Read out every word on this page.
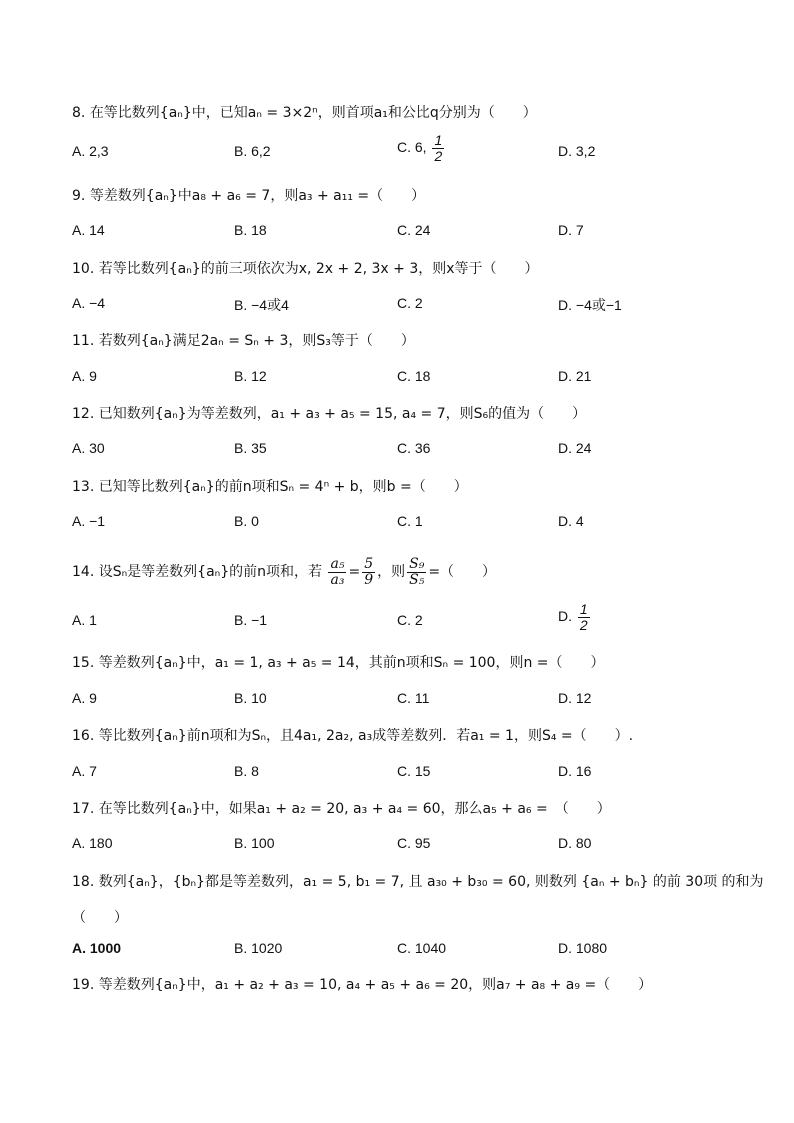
8. 在等比数列{aₙ}中，已知aₙ = 3×2ⁿ，则首项a₁和公比q分别为（　　）
A. 2,3	B. 6,2	C. 6, $\frac{1}{2}$	D. 3,2
9. 等差数列{aₙ}中a₈ + a₆ = 7，则a₃ + a₁₁ =（　　）
A. 14	B. 18	C. 24	D. 7
10. 若等比数列{aₙ}的前三项依次为x, 2x + 2, 3x + 3，则x等于（　　）
A. −4	B. −4或4	C. 2	D. −4或−1
11. 若数列{aₙ}满足2aₙ = Sₙ + 3，则S₃等于（　　）
A. 9	B. 12	C. 18	D. 21
12. 已知数列{aₙ}为等差数列，a₁ + a₃ + a₅ = 15, a₄ = 7，则S₆的值为（　　）
A. 30	B. 35	C. 36	D. 24
13. 已知等比数列{aₙ}的前n项和Sₙ = 4ⁿ + b，则b =（　　）
A. −1	B. 0	C. 1	D. 4
14. 设Sₙ是等差数列{aₙ}的前n项和，若 $\frac{\text{a₅}}{\text{a₃}} = \frac{5}{9}$ ，则 $\frac{\text{S₉}}{\text{S₅}}$ =（　　）
A. 1	B. −1	C. 2	D. $\frac{1}{2}$
15. 等差数列{aₙ}中，a₁ = 1, a₃ + a₅ = 14，其前n项和Sₙ = 100，则n =（　　）
A. 9	B. 10	C. 11	D. 12
16. 等比数列{aₙ}前n项和为Sₙ，且4a₁, 2a₂, a₃成等差数列．若a₁ = 1，则S₄ =（　　）.
A. 7	B. 8	C. 15	D. 16
17. 在等比数列{aₙ}中，如果a₁ + a₂ = 20, a₃ + a₄ = 60，那么a₅ + a₆ =　（　　）
A. 180	B. 100	C. 95	D. 80
18. 数列{aₙ}，{bₙ}都是等差数列，a₁ = 5, b₁ = 7, 且 a₃₀ + b₃₀ = 60, 则数列 {aₙ + bₙ} 的前 30项 的和为
（　　）
A. 1000	B. 1020	C. 1040	D. 1080
19. 等差数列{aₙ}中，a₁ + a₂ + a₃ = 10, a₄ + a₅ + a₆ = 20，则a₇ + a₈ + a₉ =（　　）
